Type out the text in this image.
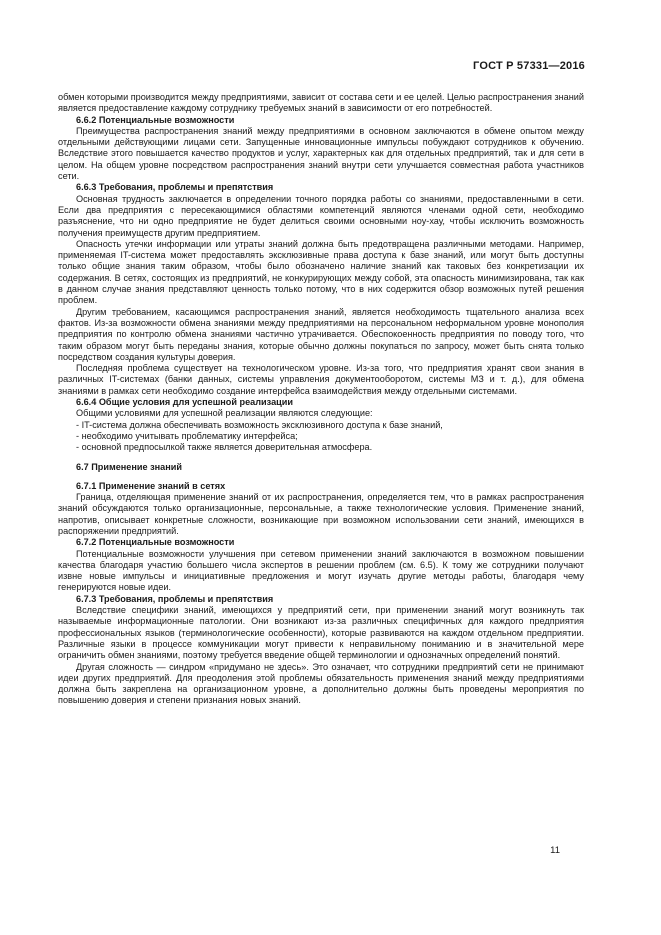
ГОСТ Р 57331—2016

обмен которыми производится между предприятиями, зависит от состава сети и ее целей. Целью распространения знаний является предоставление каждому сотруднику требуемых знаний в зависимости от его потребностей.

6.6.2 Потенциальные возможности

Преимущества распространения знаний между предприятиями в основном заключаются в обмене опытом между отдельными действующими лицами сети. Запущенные инновационные импульсы побуждают сотрудников к обучению. Вследствие этого повышается качество продуктов и услуг, характерных как для отдельных предприятий, так и для сети в целом. На общем уровне посредством распространения знаний внутри сети улучшается совместная работа участников сети.

6.6.3 Требования, проблемы и препятствия

Основная трудность заключается в определении точного порядка работы со знаниями, предоставленными в сети. Если два предприятия с пересекающимися областями компетенций являются членами одной сети, необходимо разъяснение, что ни одно предприятие не будет делиться своими основными ноу-хау, чтобы исключить возможность получения преимуществ другим предприятием.

Опасность утечки информации или утраты знаний должна быть предотвращена различными методами. Например, применяемая IT-система может предоставлять эксклюзивные права доступа к базе знаний, или могут быть доступны только общие знания таким образом, чтобы было обозначено наличие знаний как таковых без конкретизации их содержания. В сетях, состоящих из предприятий, не конкурирующих между собой, эта опасность минимизирована, так как в данном случае знания представляют ценность только потому, что в них содержится обзор возможных путей решения проблем.

Другим требованием, касающимся распространения знаний, является необходимость тщательного анализа всех фактов. Из-за возможности обмена знаниями между предприятиями на персональном неформальном уровне монополия предприятия по контролю обмена знаниями частично утрачивается. Обеспокоенность предприятия по поводу того, что таким образом могут быть переданы знания, которые обычно должны покупаться по запросу, может быть снята только посредством создания культуры доверия.

Последняя проблема существует на технологическом уровне. Из-за того, что предприятия хранят свои знания в различных IT-системах (банки данных, системы управления документооборотом, системы МЗ и т. д.), для обмена знаниями в рамках сети необходимо создание интерфейса взаимодействия между отдельными системами.

6.6.4 Общие условия для успешной реализации

Общими условиями для успешной реализации являются следующие:

- IT-система должна обеспечивать возможность эксклюзивного доступа к базе знаний,

- необходимо учитывать проблематику интерфейса;

- основной предпосылкой также является доверительная атмосфера.

6.7 Применение знаний

6.7.1 Применение знаний в сетях

Граница, отделяющая применение знаний от их распространения, определяется тем, что в рамках распространения знаний обсуждаются только организационные, персональные, а также технологические условия. Применение знаний, напротив, описывает конкретные сложности, возникающие при возможном использовании сети знаний, имеющихся в распоряжении предприятий.

6.7.2 Потенциальные возможности

Потенциальные возможности улучшения при сетевом применении знаний заключаются в возможном повышении качества благодаря участию большего числа экспертов в решении проблем (см. 6.5). К тому же сотрудники получают извне новые импульсы и инициативные предложения и могут изучать другие методы работы, благодаря чему генерируются новые идеи.

6.7.3 Требования, проблемы и препятствия

Вследствие специфики знаний, имеющихся у предприятий сети, при применении знаний могут возникнуть так называемые информационные патологии. Они возникают из-за различных специфичных для каждого предприятия профессиональных языков (терминологические особенности), которые развиваются на каждом отдельном предприятии. Различные языки в процессе коммуникации могут привести к неправильному пониманию и в значительной мере ограничить обмен знаниями, поэтому требуется введение общей терминологии и однозначных определений понятий.

Другая сложность — синдром «придумано не здесь». Это означает, что сотрудники предприятий сети не принимают идеи других предприятий. Для преодоления этой проблемы обязательность применения знаний между предприятиями должна быть закреплена на организационном уровне, а дополнительно должны быть проведены мероприятия по повышению доверия и степени признания новых знаний.

11
